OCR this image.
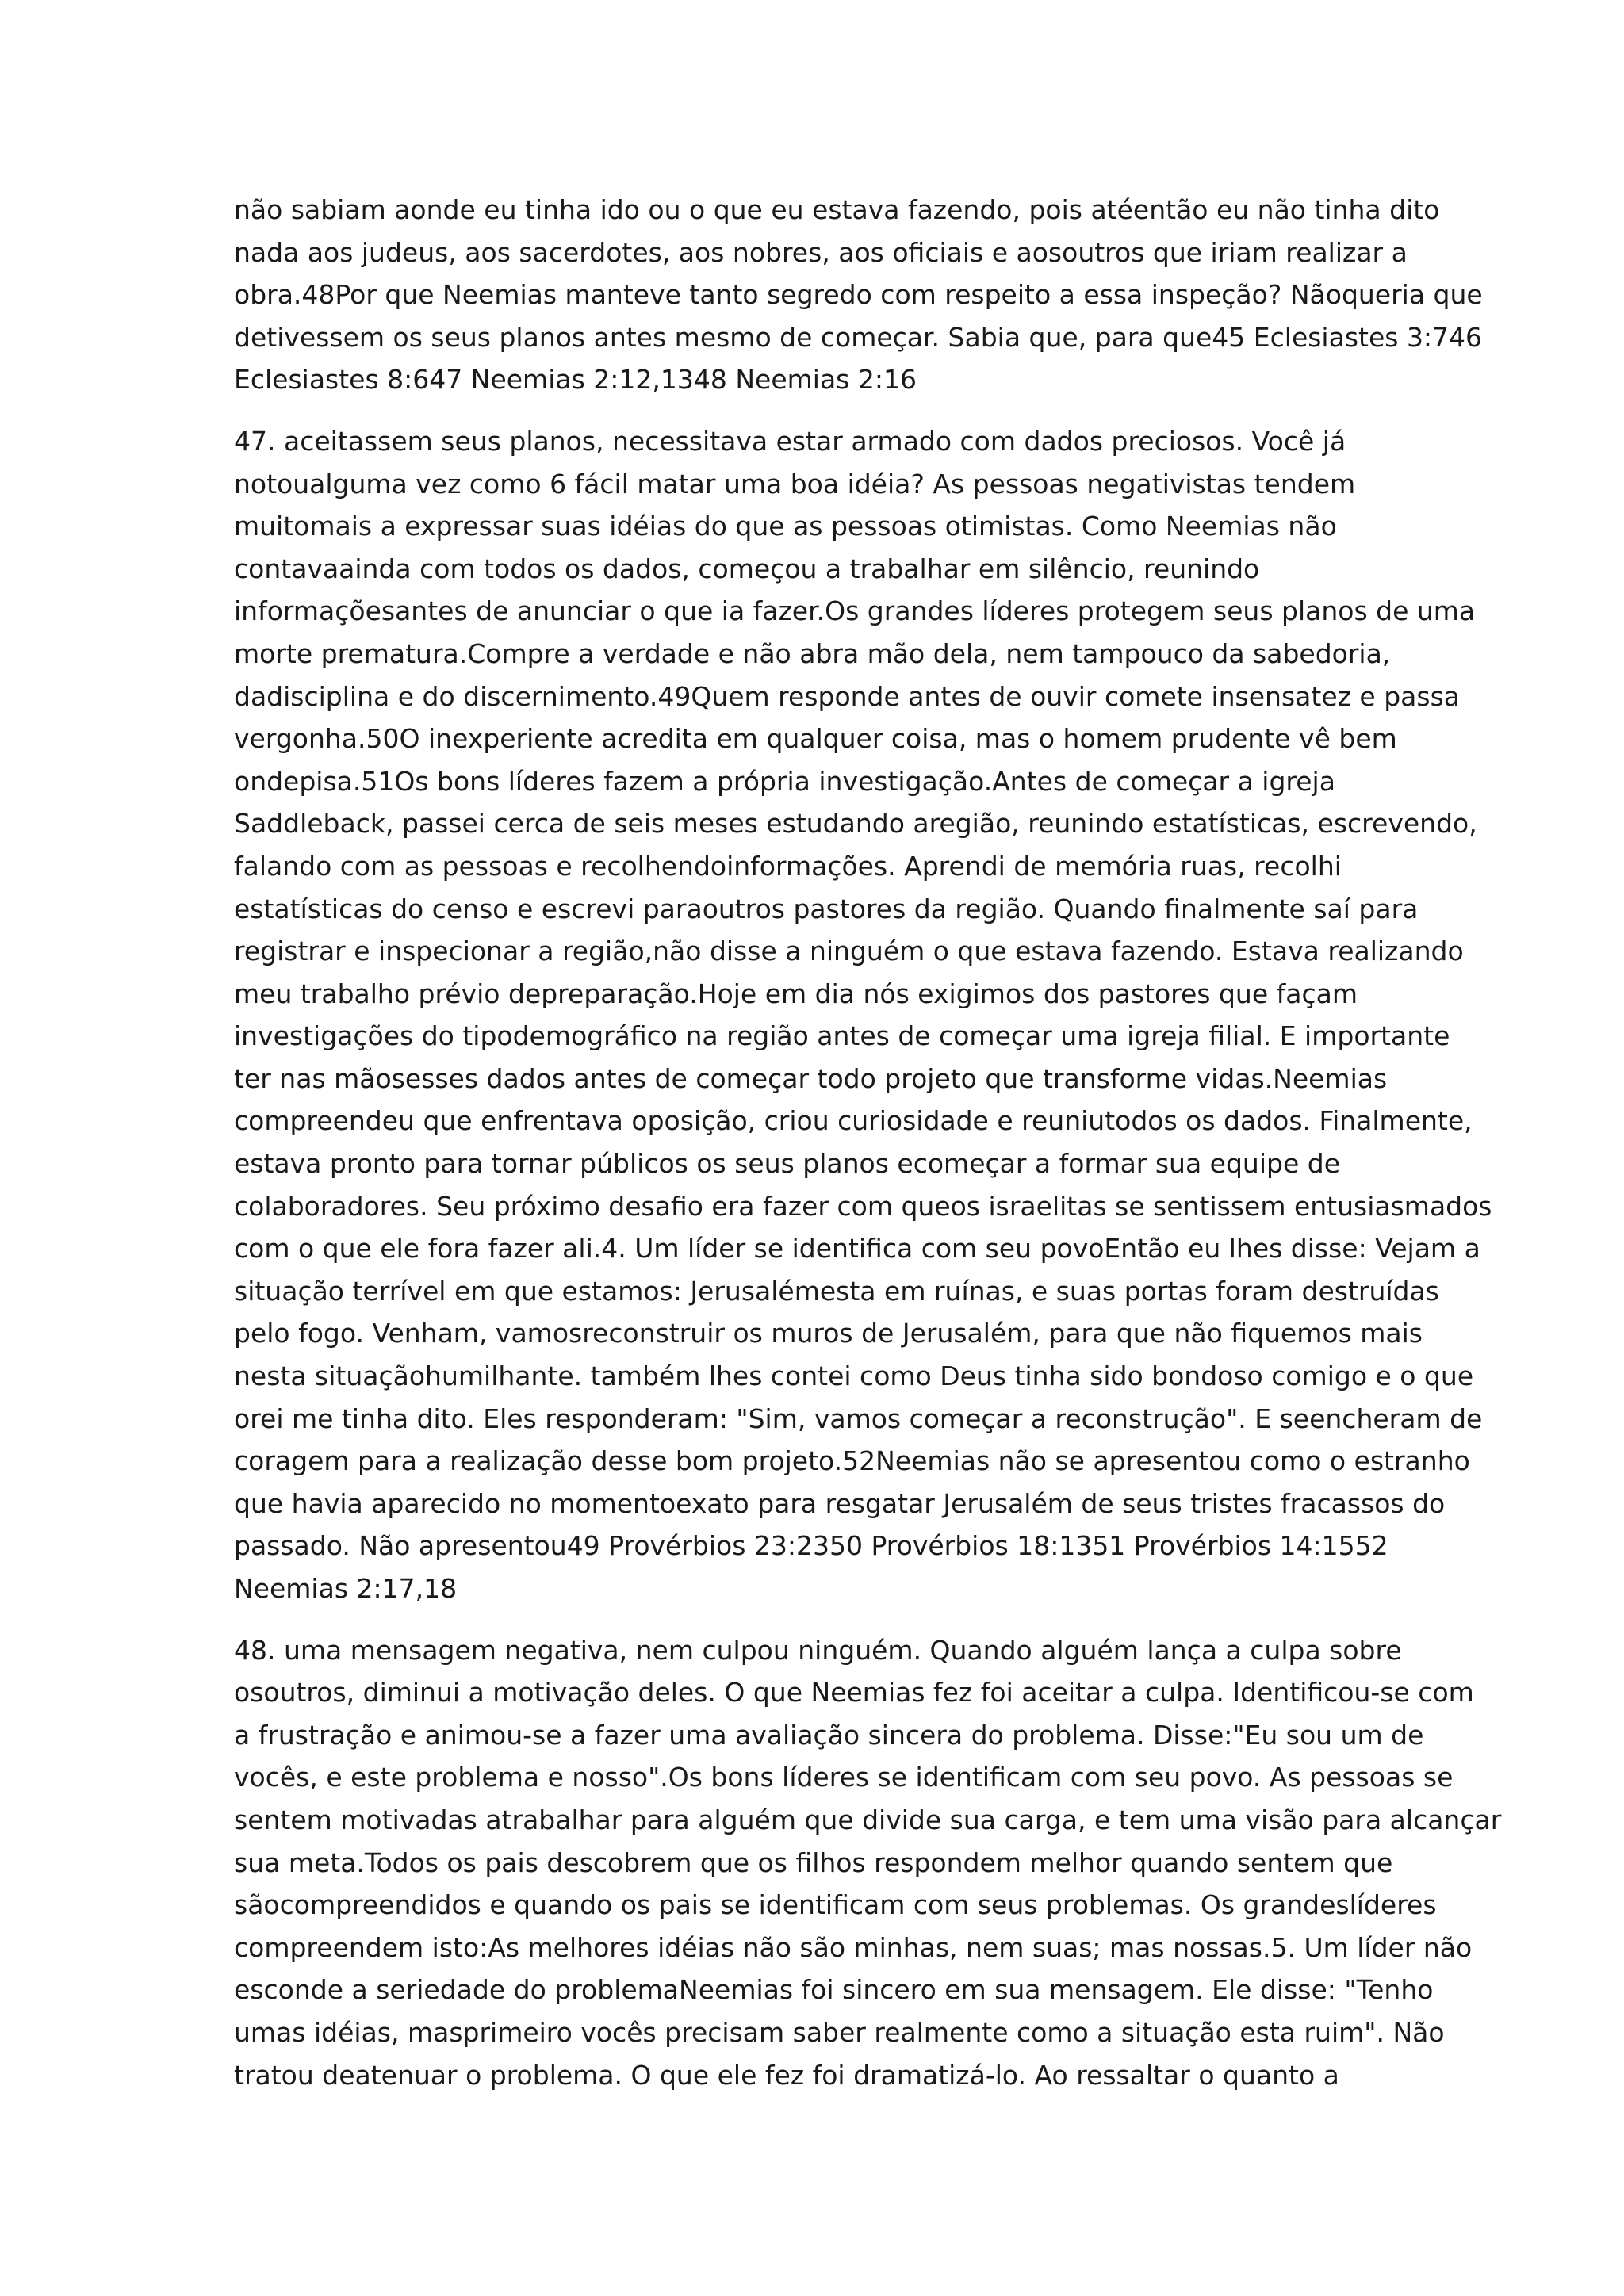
não sabiam aonde eu tinha ido ou o que eu estava fazendo, pois atéentão eu não tinha dito
nada aos judeus, aos sacerdotes, aos nobres, aos oficiais e aosoutros que iriam realizar a
obra.48Por que Neemias manteve tanto segredo com respeito a essa inspeção? Nãoqueria que
detivessem os seus planos antes mesmo de começar. Sabia que, para que45 Eclesiastes 3:746
Eclesiastes 8:647 Neemias 2:12,1348 Neemias 2:16
47. aceitassem seus planos, necessitava estar armado com dados preciosos. Você já
notoualguma vez como 6 fácil matar uma boa idéia? As pessoas negativistas tendem
muitomais a expressar suas idéias do que as pessoas otimistas. Como Neemias não
contavaainda com todos os dados, começou a trabalhar em silêncio, reunindo
informaçõesantes de anunciar o que ia fazer.Os grandes líderes protegem seus planos de uma
morte prematura.Compre a verdade e não abra mão dela, nem tampouco da sabedoria,
dadisciplina e do discernimento.49Quem responde antes de ouvir comete insensatez e passa
vergonha.50O inexperiente acredita em qualquer coisa, mas o homem prudente vê bem
ondepisa.51Os bons líderes fazem a própria investigação.Antes de começar a igreja
Saddleback, passei cerca de seis meses estudando aregião, reunindo estatísticas, escrevendo,
falando com as pessoas e recolhendoinformações. Aprendi de memória ruas, recolhi
estatísticas do censo e escrevi paraoutros pastores da região. Quando finalmente saí para
registrar e inspecionar a região,não disse a ninguém o que estava fazendo. Estava realizando
meu trabalho prévio depreparação.Hoje em dia nós exigimos dos pastores que façam
investigações do tipodemográfico na região antes de começar uma igreja filial. E importante
ter nas mãosesses dados antes de começar todo projeto que transforme vidas.Neemias
compreendeu que enfrentava oposição, criou curiosidade e reuniutodos os dados. Finalmente,
estava pronto para tornar públicos os seus planos ecomeçar a formar sua equipe de
colaboradores. Seu próximo desafio era fazer com queos israelitas se sentissem entusiasmados
com o que ele fora fazer ali.4. Um líder se identifica com seu povoEntão eu lhes disse: Vejam a
situação terrível em que estamos: Jerusalémesta em ruínas, e suas portas foram destruídas
pelo fogo. Venham, vamosreconstruir os muros de Jerusalém, para que não fiquemos mais
nesta situaçãohumilhante. também lhes contei como Deus tinha sido bondoso comigo e o que
orei me tinha dito. Eles responderam: "Sim, vamos começar a reconstrução". E seencheram de
coragem para a realização desse bom projeto.52Neemias não se apresentou como o estranho
que havia aparecido no momentoexato para resgatar Jerusalém de seus tristes fracassos do
passado. Não apresentou49 Provérbios 23:2350 Provérbios 18:1351 Provérbios 14:1552
Neemias 2:17,18
48. uma mensagem negativa, nem culpou ninguém. Quando alguém lança a culpa sobre
osoutros, diminui a motivação deles. O que Neemias fez foi aceitar a culpa. Identificou-se com
a frustração e animou-se a fazer uma avaliação sincera do problema. Disse:"Eu sou um de
vocês, e este problema e nosso".Os bons líderes se identificam com seu povo. As pessoas se
sentem motivadas atrabalhar para alguém que divide sua carga, e tem uma visão para alcançar
sua meta.Todos os pais descobrem que os filhos respondem melhor quando sentem que
sãocompreendidos e quando os pais se identificam com seus problemas. Os grandeslíderes
compreendem isto:As melhores idéias não são minhas, nem suas; mas nossas.5. Um líder não
esconde a seriedade do problemaNeemias foi sincero em sua mensagem. Ele disse: "Tenho
umas idéias, masprimeiro vocês precisam saber realmente como a situação esta ruim". Não
tratou deatenuar o problema. O que ele fez foi dramatizá-lo. Ao ressaltar o quanto a
